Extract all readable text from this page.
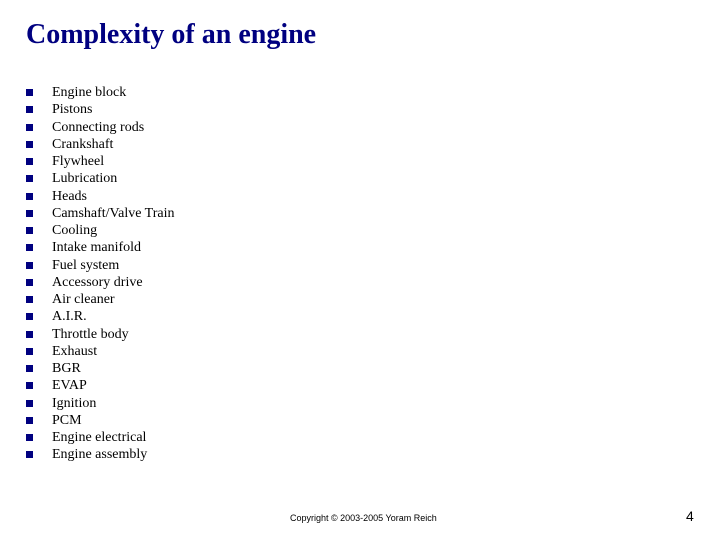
Complexity of an engine
Engine block
Pistons
Connecting rods
Crankshaft
Flywheel
Lubrication
Heads
Camshaft/Valve Train
Cooling
Intake manifold
Fuel system
Accessory drive
Air cleaner
A.I.R.
Throttle body
Exhaust
BGR
EVAP
Ignition
PCM
Engine electrical
Engine assembly
Copyright © 2003-2005 Yoram Reich	4
